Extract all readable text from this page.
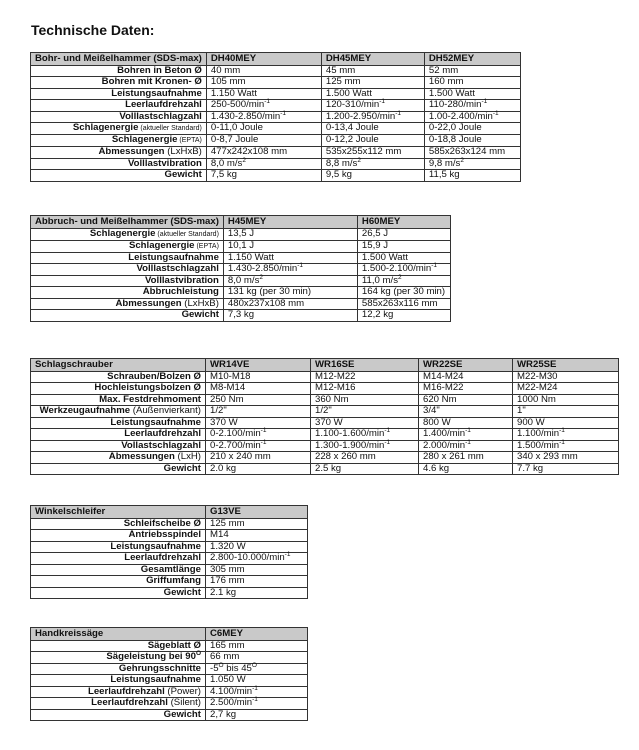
Technische Daten:
Bohr- und Meißelhammer (SDS-max)	DH40MEY	DH45MEY	DH52MEY
Bohren in Beton Ø	40 mm	45 mm	52 mm
Bohren mit Kronen- Ø	105 mm	125 mm	160 mm
Leistungsaufnahme	1.150 Watt	1.500 Watt	1.500 Watt
Leerlaufdrehzahl	$250-500/\min^{-1}$	$120-310/\min^{-1}$	$110-280/\min^{-1}$
Volllastschlagzahl	$1.430-2.850/\min^{-1}$	$1.200-2.950/\min^{-1}$	$1.00-2.400/\min^{-1}$
Schlagenergie (aktueller Standard)	0-11,0 Joule	0-13,4 Joule	0-22,0 Joule
Schlagenergie (EPTA)	0-8,7 Joule	0-12,2 Joule	0-18,8 Joule
Abmessungen (LxHxB)	477x242x108 mm	535x255x112 mm	585x263x124 mm
Volllastvibration	8,0 $m/s^2$	8,8 $m/s^2$	9,8 $m/s^2$
Gewicht	7,5 kg	9,5 kg	11,5 kg
Abbruch- und Meißelhammer (SDS-max)	H45MEY	H60MEY
Schlagenergie (aktueller Standard)	13,5 J	26,5 J
Schlagenergie (EPTA)	10,1 J	15,9 J
Leistungsaufnahme	1.150 Watt	1.500 Watt
Volllastschlagzahl	$1.430-2.850/\min^{-1}$	$1.500-2.100/\min^{-1}$
Volllastvibration	8,0 $m/s^2$	11,0 $m/s^2$
Abbruchleistung	131 kg (per 30 min)	164 kg (per 30 min)
Abmessungen (LxHxB)	480x237x108 mm	585x263x116 mm
Gewicht	7,3 kg	12,2 kg
Schlagschrauber	WR14VE	WR16SE	WR22SE	WR25SE
Schrauben/Bolzen Ø	M10-M18	M12-M22	M14-M24	M22-M30
Hochleistungsbolzen Ø	M8-M14	M12-M16	M16-M22	M22-M24
Max. Festdrehmoment	250 Nm	360 Nm	620 Nm	1000 Nm
Werkzeugaufnahme (Außenvierkant)	1/2"	1/2"	3/4"	1"
Leistungsaufnahme	370 W	370 W	800 W	900 W
Leerlaufdrehzahl	$0-2.100/\min^{-1}$	$1.100-1.600/\min^{-1}$	$1.400/\min^{-1}$	$1.100/\min^{-1}$
Vollastschlagzahl	$0-2.700/\min^{-1}$	$1.300-1.900/\min^{-1}$	$2.000/\min^{-1}$	$1.500/\min^{-1}$
Abmessungen (LxH)	210 x 240 mm	228 x 260 mm	280 x 261 mm	340 x 293 mm
Gewicht	2.0 kg	2.5 kg	4.6 kg	7.7 kg
Winkelschleifer	G13VE
Schleifscheibe Ø	125 mm
Antriebsspindel	M14
Leistungsaufnahme	1.320 W
Leerlaufdrehzahl	$2.800-10.000/\min^{-1}$
Gesamtlänge	305 mm
Griffumfang	176 mm
Gewicht	2.1 kg
Handkreissäge	C6MEY
Sägeblatt Ø	165 mm
Sägeleistung bei $90^O$	66 mm
Gehrungsschnitte	$-5^O$ bis $45^O$
Leistungsaufnahme	1.050 W
Leerlaufdrehzahl (Power)	$4.100/\min^{-1}$
Leerlaufdrehzahl (Silent)	$2.500/\min^{-1}$
Gewicht	2,7 kg
